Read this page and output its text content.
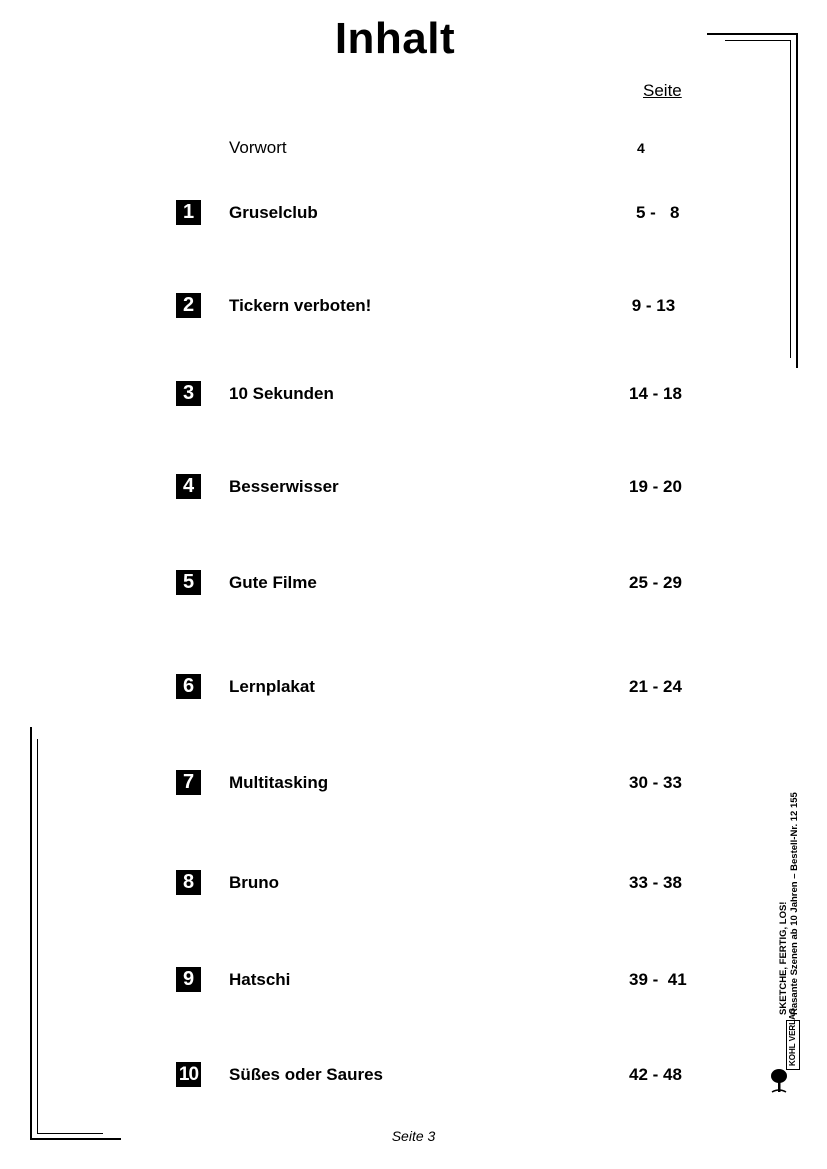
Inhalt
Seite
Vorwort	4
1	Gruselclub	5 -   8
2	Tickern verboten!	9 - 13
3	10 Sekunden	14 - 18
4	Besserwisser	19 - 20
5	Gute Filme	25 - 29
6	Lernplakat	21 - 24
7	Multitasking	30 - 33
8	Bruno	33 - 38
9	Hatschi	39 -  41
10 Süßes oder Saures	42 - 48
Seite 3
SKETCHE, FERTIG, LOS! Rasante Szenen ab 10 Jahren – Bestell-Nr. 12 155
KOHL VERLAG
